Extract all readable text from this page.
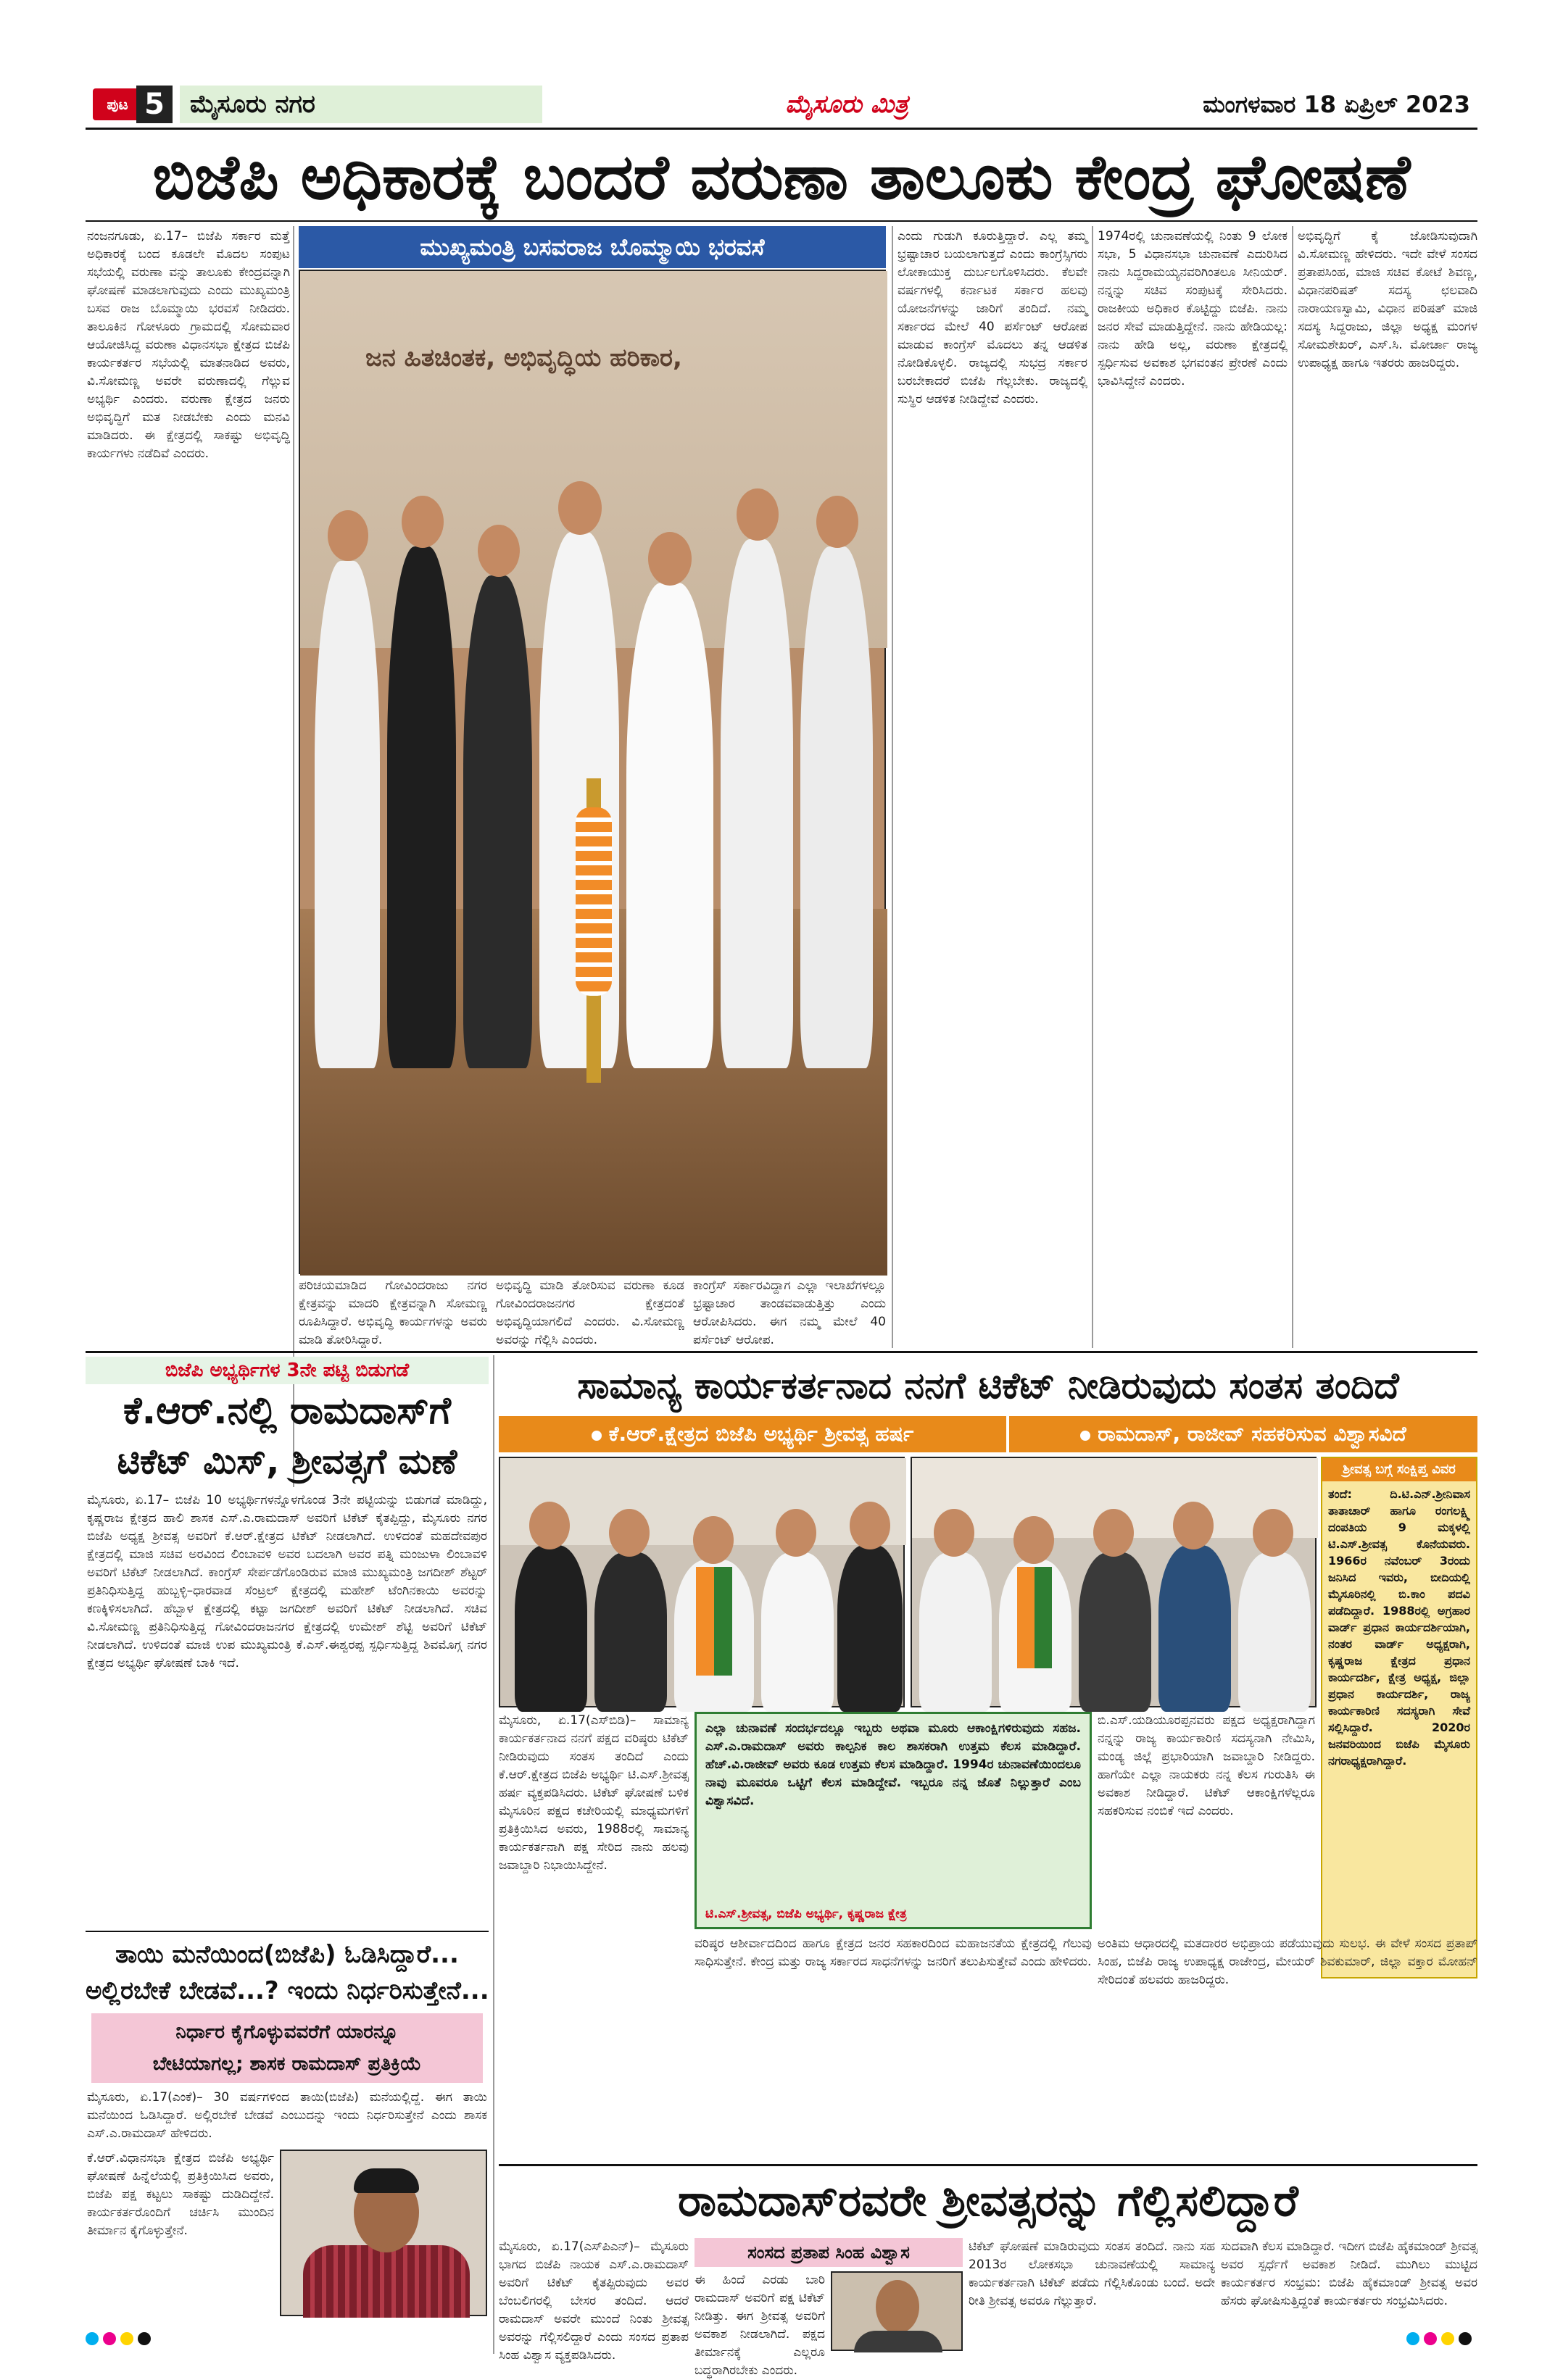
ಪುಟ 5	ಮೈಸೂರು ನಗರ	ಮೈಸೂರು ಮಿತ್ರ	ಮಂಗಳವಾರ 18 ಏಪ್ರಿಲ್ 2023
ಬಿಜೆಪಿ ಅಧಿಕಾರಕ್ಕೆ ಬಂದರೆ ವರುಣಾ ತಾಲೂಕು ಕೇಂದ್ರ ಘೋಷಣೆ
ನಂಜನಗೂಡು, ಏ.17– ಬಿಜೆಪಿ ಸರ್ಕಾರ ಮತ್ತೆ ಅಧಿಕಾರಕ್ಕೆ ಬಂದ ಕೂಡಲೇ ಮೊದಲ ಸಂಪುಟ ಸಭೆಯಲ್ಲಿ ವರುಣಾ ವನ್ನು ತಾಲೂಕು ಕೇಂದ್ರವನ್ನಾಗಿ ಘೋಷಣೆ ಮಾಡಲಾಗುವುದು ಎಂದು ಮುಖ್ಯಮಂತ್ರಿ ಬಸವ ರಾಜ ಬೊಮ್ಮಾಯಿ ಭರವಸೆ ನೀಡಿದರು. ತಾಲೂಕಿನ ಗೋಳೂರು ಗ್ರಾಮದಲ್ಲಿ ಸೋಮವಾರ ಆಯೋಜಿಸಿದ್ದ ವರುಣಾ ವಿಧಾನಸಭಾ ಕ್ಷೇತ್ರದ ಬಿಜೆಪಿ ಕಾರ್ಯಕರ್ತರ ಸಭೆಯಲ್ಲಿ ಮಾತನಾಡಿದ ಅವರು, ವಿ.ಸೋಮಣ್ಣ ಅವರೇ ವರುಣಾದಲ್ಲಿ ಗೆಲ್ಲುವ ಅಭ್ಯರ್ಥಿ ಎಂದರು. ವರುಣಾ ಕ್ಷೇತ್ರದ ಜನರು ಅಭಿವೃದ್ಧಿಗೆ ಮತ ನೀಡಬೇಕು ಎಂದು ಮನವಿ ಮಾಡಿದರು. ಈ ಕ್ಷೇತ್ರದಲ್ಲಿ ಸಾಕಷ್ಟು ಅಭಿವೃದ್ಧಿ ಕಾರ್ಯಗಳು ನಡೆದಿವೆ ಎಂದರು.
ಮುಖ್ಯಮಂತ್ರಿ ಬಸವರಾಜ ಬೊಮ್ಮಾಯಿ ಭರವಸೆ
ಜನ ಹಿತಚಿಂತಕ, ಅಭಿವೃದ್ಧಿಯ ಹರಿಕಾರ,
ಪರಿಚಯಮಾಡಿದ ಗೋವಿಂದರಾಜು ನಗರ ಕ್ಷೇತ್ರವನ್ನು ಮಾದರಿ ಕ್ಷೇತ್ರವನ್ನಾಗಿ ಸೋಮಣ್ಣ ರೂಪಿಸಿದ್ದಾರೆ. ಅಭಿವೃದ್ಧಿ ಕಾರ್ಯಗಳನ್ನು ಅವರು ಮಾಡಿ ತೋರಿಸಿದ್ದಾರೆ.
ಅಭಿವೃದ್ಧಿ ಮಾಡಿ ತೋರಿಸುವ ವರುಣಾ ಕೂಡ ಗೋವಿಂದರಾಜನಗರ ಕ್ಷೇತ್ರದಂತೆ ಅಭಿವೃದ್ಧಿಯಾಗಲಿದೆ ಎಂದರು. ವಿ.ಸೋಮಣ್ಣ ಅವರನ್ನು ಗೆಲ್ಲಿಸಿ ಎಂದರು.
ಕಾಂಗ್ರೆಸ್ ಸರ್ಕಾರವಿದ್ದಾಗ ಎಲ್ಲಾ ಇಲಾಖೆಗಳಲ್ಲೂ ಭ್ರಷ್ಟಾಚಾರ ತಾಂಡವವಾಡುತ್ತಿತ್ತು ಎಂದು ಆರೋಪಿಸಿದರು. ಈಗ ನಮ್ಮ ಮೇಲೆ 40 ಪರ್ಸೆಂಟ್ ಆರೋಪ.
ಎಂದು ಗುಡುಗಿ ಕೂರುತ್ತಿದ್ದಾರೆ. ಎಲ್ಲ ತಮ್ಮ ಭ್ರಷ್ಟಾಚಾರ ಬಯಲಾಗುತ್ತದೆ ಎಂದು ಕಾಂಗ್ರೆಸ್ಸಿಗರು ಲೋಕಾಯುಕ್ತ ದುರ್ಬಲಗೊಳಿಸಿದರು. ಕೆಲವೇ ವರ್ಷಗಳಲ್ಲಿ ಕರ್ನಾಟಕ ಸರ್ಕಾರ ಹಲವು ಯೋಜನೆಗಳನ್ನು ಜಾರಿಗೆ ತಂದಿದೆ. ನಮ್ಮ ಸರ್ಕಾರದ ಮೇಲೆ 40 ಪರ್ಸೆಂಟ್ ಆರೋಪ ಮಾಡುವ ಕಾಂಗ್ರೆಸ್ ಮೊದಲು ತನ್ನ ಆಡಳಿತ ನೋಡಿಕೊಳ್ಳಲಿ. ರಾಜ್ಯದಲ್ಲಿ ಸುಭದ್ರ ಸರ್ಕಾರ ಬರಬೇಕಾದರೆ ಬಿಜೆಪಿ ಗೆಲ್ಲಬೇಕು. ರಾಜ್ಯದಲ್ಲಿ ಸುಸ್ಥಿರ ಆಡಳಿತ ನೀಡಿದ್ದೇವೆ ಎಂದರು.
1974ರಲ್ಲಿ ಚುನಾವಣೆಯಲ್ಲಿ ನಿಂತು 9 ಲೋಕ ಸಭಾ, 5 ವಿಧಾನಸಭಾ ಚುನಾವಣೆ ಎದುರಿಸಿದ ನಾನು ಸಿದ್ದರಾಮಯ್ಯನವರಿಗಿಂತಲೂ ಸೀನಿಯರ್. ನನ್ನನ್ನು ಸಚಿವ ಸಂಪುಟಕ್ಕೆ ಸೇರಿಸಿದರು. ರಾಜಕೀಯ ಅಧಿಕಾರ ಕೊಟ್ಟಿದ್ದು ಬಿಜೆಪಿ. ನಾನು ಜನರ ಸೇವೆ ಮಾಡುತ್ತಿದ್ದೇನೆ. ನಾನು ಹೇಡಿಯಲ್ಲ: ನಾನು ಹೇಡಿ ಅಲ್ಲ, ವರುಣಾ ಕ್ಷೇತ್ರದಲ್ಲಿ ಸ್ಪರ್ಧಿಸುವ ಅವಕಾಶ ಭಗವಂತನ ಪ್ರೇರಣೆ ಎಂದು ಭಾವಿಸಿದ್ದೇನೆ ಎಂದರು.
ಅಭಿವೃದ್ಧಿಗೆ ಕೈ ಜೋಡಿಸುವುದಾಗಿ ವಿ.ಸೋಮಣ್ಣ ಹೇಳಿದರು. ಇದೇ ವೇಳೆ ಸಂಸದ ಪ್ರತಾಪಸಿಂಹ, ಮಾಜಿ ಸಚಿವ ಕೋಟೆ ಶಿವಣ್ಣ, ವಿಧಾನಪರಿಷತ್ ಸದಸ್ಯ ಛಲವಾದಿ ನಾರಾಯಣಸ್ವಾಮಿ, ವಿಧಾನ ಪರಿಷತ್ ಮಾಜಿ ಸದಸ್ಯ ಸಿದ್ದರಾಜು, ಜಿಲ್ಲಾ ಅಧ್ಯಕ್ಷ ಮಂಗಳ ಸೋಮಶೇಖರ್, ಎಸ್.ಸಿ. ಮೋರ್ಚಾ ರಾಜ್ಯ ಉಪಾಧ್ಯಕ್ಷ ಹಾಗೂ ಇತರರು ಹಾಜರಿದ್ದರು.
ಬಿಜೆಪಿ ಅಭ್ಯರ್ಥಿಗಳ 3ನೇ ಪಟ್ಟಿ ಬಿಡುಗಡೆ
ಕೆ.ಆರ್.ನಲ್ಲಿ ರಾಮದಾಸ್‌ಗೆ
ಟಿಕೆಟ್ ಮಿಸ್, ಶ್ರೀವತ್ಸಗೆ ಮಣೆ
ಮೈಸೂರು, ಏ.17– ಬಿಜೆಪಿ 10 ಅಭ್ಯರ್ಥಿಗಳನ್ನೊಳಗೊಂಡ 3ನೇ ಪಟ್ಟಿಯನ್ನು ಬಿಡುಗಡೆ ಮಾಡಿದ್ದು, ಕೃಷ್ಣರಾಜ ಕ್ಷೇತ್ರದ ಹಾಲಿ ಶಾಸಕ ಎಸ್.ಎ.ರಾಮದಾಸ್ ಅವರಿಗೆ ಟಿಕೆಟ್ ಕೈತಪ್ಪಿದ್ದು, ಮೈಸೂರು ನಗರ ಬಿಜೆಪಿ ಅಧ್ಯಕ್ಷ ಶ್ರೀವತ್ಸ ಅವರಿಗೆ ಕೆ.ಆರ್.ಕ್ಷೇತ್ರದ ಟಿಕೆಟ್ ನೀಡಲಾಗಿದೆ. ಉಳಿದಂತೆ ಮಹದೇವಪುರ ಕ್ಷೇತ್ರದಲ್ಲಿ ಮಾಜಿ ಸಚಿವ ಅರವಿಂದ ಲಿಂಬಾವಳಿ ಅವರ ಬದಲಾಗಿ ಅವರ ಪತ್ನಿ ಮಂಜುಳಾ ಲಿಂಬಾವಳಿ ಅವರಿಗೆ ಟಿಕೆಟ್ ನೀಡಲಾಗಿದೆ. ಕಾಂಗ್ರೆಸ್ ಸೇರ್ಪಡೆಗೊಂಡಿರುವ ಮಾಜಿ ಮುಖ್ಯಮಂತ್ರಿ ಜಗದೀಶ್ ಶೆಟ್ಟರ್ ಪ್ರತಿನಿಧಿಸುತ್ತಿದ್ದ ಹುಬ್ಬಳ್ಳಿ–ಧಾರವಾಡ ಸೆಂಟ್ರಲ್ ಕ್ಷೇತ್ರದಲ್ಲಿ ಮಹೇಶ್ ಟೆಂಗಿನಕಾಯಿ ಅವರನ್ನು ಕಣಕ್ಕಿಳಿಸಲಾಗಿದೆ. ಹೆಬ್ಬಾಳ ಕ್ಷೇತ್ರದಲ್ಲಿ ಕಟ್ಟಾ ಜಗದೀಶ್ ಅವರಿಗೆ ಟಿಕೆಟ್ ನೀಡಲಾಗಿದೆ. ಸಚಿವ ವಿ.ಸೋಮಣ್ಣ ಪ್ರತಿನಿಧಿಸುತ್ತಿದ್ದ ಗೋವಿಂದರಾಜನಗರ ಕ್ಷೇತ್ರದಲ್ಲಿ ಉಮೇಶ್ ಶೆಟ್ಟಿ ಅವರಿಗೆ ಟಿಕೆಟ್ ನೀಡಲಾಗಿದೆ. ಉಳಿದಂತೆ ಮಾಜಿ ಉಪ ಮುಖ್ಯಮಂತ್ರಿ ಕೆ.ಎಸ್.ಈಶ್ವರಪ್ಪ ಸ್ಪರ್ಧಿಸುತ್ತಿದ್ದ ಶಿವಮೊಗ್ಗ ನಗರ ಕ್ಷೇತ್ರದ ಅಭ್ಯರ್ಥಿ ಘೋಷಣೆ ಬಾಕಿ ಇದೆ.
ತಾಯಿ ಮನೆಯಿಂದ(ಬಿಜೆಪಿ) ಓಡಿಸಿದ್ದಾರೆ...
ಅಲ್ಲಿರಬೇಕೆ ಬೇಡವೆ...? ಇಂದು ನಿರ್ಧರಿಸುತ್ತೇನೆ...
ನಿರ್ಧಾರ ಕೈಗೊಳ್ಳುವವರೆಗೆ ಯಾರನ್ನೂ
ಬೇಟಿಯಾಗಲ್ಲ; ಶಾಸಕ ರಾಮದಾಸ್ ಪ್ರತಿಕ್ರಿಯೆ
ಮೈಸೂರು, ಏ.17(ಎಂಕೆ)– 30 ವರ್ಷಗಳಿಂದ ತಾಯಿ(ಬಿಜೆಪಿ) ಮನೆಯಲ್ಲಿದ್ದೆ. ಈಗ ತಾಯಿ ಮನೆಯಿಂದ ಓಡಿಸಿದ್ದಾರೆ. ಅಲ್ಲಿರಬೇಕೆ ಬೇಡವೆ ಎಂಬುದನ್ನು ಇಂದು ನಿರ್ಧರಿಸುತ್ತೇನೆ ಎಂದು ಶಾಸಕ ಎಸ್.ಎ.ರಾಮದಾಸ್ ಹೇಳಿದರು.
ಕೆ.ಆರ್.ವಿಧಾನಸಭಾ ಕ್ಷೇತ್ರದ ಬಿಜೆಪಿ ಅಭ್ಯರ್ಥಿ ಘೋಷಣೆ ಹಿನ್ನೆಲೆಯಲ್ಲಿ ಪ್ರತಿಕ್ರಿಯಿಸಿದ ಅವರು, ಬಿಜೆಪಿ ಪಕ್ಷ ಕಟ್ಟಲು ಸಾಕಷ್ಟು ದುಡಿದಿದ್ದೇನೆ. ಕಾರ್ಯಕರ್ತರೊಂದಿಗೆ ಚರ್ಚಿಸಿ ಮುಂದಿನ ತೀರ್ಮಾನ ಕೈಗೊಳ್ಳುತ್ತೇನೆ.
ಸಾಮಾನ್ಯ ಕಾರ್ಯಕರ್ತನಾದ ನನಗೆ ಟಿಕೆಟ್ ನೀಡಿರುವುದು ಸಂತಸ ತಂದಿದೆ
ಕೆ.ಆರ್.ಕ್ಷೇತ್ರದ ಬಿಜೆಪಿ ಅಭ್ಯರ್ಥಿ ಶ್ರೀವತ್ಸ ಹರ್ಷ	ರಾಮದಾಸ್, ರಾಜೀವ್ ಸಹಕರಿಸುವ ವಿಶ್ವಾಸವಿದೆ
ಶ್ರೀವತ್ಸ ಬಗ್ಗೆ ಸಂಕ್ಷಿಪ್ತ ವಿವರ
ತಂದೆ: ದಿ.ಟಿ.ಎನ್.ಶ್ರೀನಿವಾಸ ತಾತಾಚಾರ್ ಹಾಗೂ ರಂಗಲಕ್ಷ್ಮಿ ದಂಪತಿಯ 9 ಮಕ್ಕಳಲ್ಲಿ ಟಿ.ಎಸ್.ಶ್ರೀವತ್ಸ ಕೊನೆಯವರು. 1966ರ ನವೆಂಬರ್ 3ರಂದು ಜನಿಸಿದ ಇವರು, ಬೀದಿಯಲ್ಲಿ ಮೈಸೂರಿನಲ್ಲಿ ಬಿ.ಕಾಂ ಪದವಿ ಪಡೆದಿದ್ದಾರೆ. 1988ರಲ್ಲಿ ಅಗ್ರಹಾರ ವಾರ್ಡ್ ಪ್ರಧಾನ ಕಾರ್ಯದರ್ಶಿಯಾಗಿ, ನಂತರ ವಾರ್ಡ್ ಅಧ್ಯಕ್ಷರಾಗಿ, ಕೃಷ್ಣರಾಜ ಕ್ಷೇತ್ರದ ಪ್ರಧಾನ ಕಾರ್ಯದರ್ಶಿ, ಕ್ಷೇತ್ರ ಅಧ್ಯಕ್ಷ, ಜಿಲ್ಲಾ ಪ್ರಧಾನ ಕಾರ್ಯದರ್ಶಿ, ರಾಜ್ಯ ಕಾರ್ಯಕಾರಿಣಿ ಸದಸ್ಯರಾಗಿ ಸೇವೆ ಸಲ್ಲಿಸಿದ್ದಾರೆ. 2020ರ ಜನವರಿಯಿಂದ ಬಿಜೆಪಿ ಮೈಸೂರು ನಗರಾಧ್ಯಕ್ಷರಾಗಿದ್ದಾರೆ.
ಮೈಸೂರು, ಏ.17(ಎಸ್‌ಬಿಡಿ)– ಸಾಮಾನ್ಯ ಕಾರ್ಯಕರ್ತನಾದ ನನಗೆ ಪಕ್ಷದ ವರಿಷ್ಠರು ಟಿಕೆಟ್ ನೀಡಿರುವುದು ಸಂತಸ ತಂದಿದೆ ಎಂದು ಕೆ.ಆರ್.ಕ್ಷೇತ್ರದ ಬಿಜೆಪಿ ಅಭ್ಯರ್ಥಿ ಟಿ.ಎಸ್.ಶ್ರೀವತ್ಸ ಹರ್ಷ ವ್ಯಕ್ತಪಡಿಸಿದರು. ಟಿಕೆಟ್ ಘೋಷಣೆ ಬಳಿಕ ಮೈಸೂರಿನ ಪಕ್ಷದ ಕಚೇರಿಯಲ್ಲಿ ಮಾಧ್ಯಮಗಳಿಗೆ ಪ್ರತಿಕ್ರಿಯಿಸಿದ ಅವರು, 1988ರಲ್ಲಿ ಸಾಮಾನ್ಯ ಕಾರ್ಯಕರ್ತನಾಗಿ ಪಕ್ಷ ಸೇರಿದ ನಾನು ಹಲವು ಜವಾಬ್ದಾರಿ ನಿಭಾಯಿಸಿದ್ದೇನೆ.
ಎಲ್ಲಾ ಚುನಾವಣೆ ಸಂದರ್ಭದಲ್ಲೂ ಇಬ್ಬರು ಅಥವಾ ಮೂರು ಆಕಾಂಕ್ಷಿಗಳಿರುವುದು ಸಹಜ. ಎಸ್.ಎ.ರಾಮದಾಸ್ ಅವರು ಕಾಲ್ಪನಿಕ ಕಾಲ ಶಾಸಕರಾಗಿ ಉತ್ತಮ ಕೆಲಸ ಮಾಡಿದ್ದಾರೆ. ಹೆಚ್.ವಿ.ರಾಜೀವ್ ಅವರು ಕೂಡ ಉತ್ತಮ ಕೆಲಸ ಮಾಡಿದ್ದಾರೆ. 1994ರ ಚುನಾವಣೆಯಿಂದಲೂ ನಾವು ಮೂವರೂ ಒಟ್ಟಿಗೆ ಕೆಲಸ ಮಾಡಿದ್ದೇವೆ. ಇಬ್ಬರೂ ನನ್ನ ಜೊತೆ ನಿಲ್ಲುತ್ತಾರೆ ಎಂಬ ವಿಶ್ವಾಸವಿದೆ.
ಟಿ.ಎಸ್.ಶ್ರೀವತ್ಸ, ಬಿಜೆಪಿ ಅಭ್ಯರ್ಥಿ, ಕೃಷ್ಣರಾಜ ಕ್ಷೇತ್ರ
ಬಿ.ಎಸ್.ಯಡಿಯೂರಪ್ಪನವರು ಪಕ್ಷದ ಅಧ್ಯಕ್ಷರಾಗಿದ್ದಾಗ ನನ್ನನ್ನು ರಾಜ್ಯ ಕಾರ್ಯಕಾರಿಣಿ ಸದಸ್ಯನಾಗಿ ನೇಮಿಸಿ, ಮಂಡ್ಯ ಜಿಲ್ಲೆ ಪ್ರಭಾರಿಯಾಗಿ ಜವಾಬ್ದಾರಿ ನೀಡಿದ್ದರು. ಹಾಗೆಯೇ ಎಲ್ಲಾ ನಾಯಕರು ನನ್ನ ಕೆಲಸ ಗುರುತಿಸಿ ಈ ಅವಕಾಶ ನೀಡಿದ್ದಾರೆ. ಟಿಕೆಟ್ ಆಕಾಂಕ್ಷಿಗಳೆಲ್ಲರೂ ಸಹಕರಿಸುವ ನಂಬಿಕೆ ಇದೆ ಎಂದರು.
ವರಿಷ್ಠರ ಆಶೀರ್ವಾದದಿಂದ ಹಾಗೂ ಕ್ಷೇತ್ರದ ಜನರ ಸಹಕಾರದಿಂದ ಮಹಾಜನತೆಯ ಕ್ಷೇತ್ರದಲ್ಲಿ ಗೆಲುವು ಸಾಧಿಸುತ್ತೇನೆ. ಕೇಂದ್ರ ಮತ್ತು ರಾಜ್ಯ ಸರ್ಕಾರದ ಸಾಧನೆಗಳನ್ನು ಜನರಿಗೆ ತಲುಪಿಸುತ್ತೇವೆ ಎಂದು ಹೇಳಿದರು.
ಅಂತಿಮ ಆಧಾರದಲ್ಲಿ ಮತದಾರರ ಅಭಿಪ್ರಾಯ ಪಡೆಯುವುದು ಸುಲಭ. ಈ ವೇಳೆ ಸಂಸದ ಪ್ರತಾಪ್ ಸಿಂಹ, ಬಿಜೆಪಿ ರಾಜ್ಯ ಉಪಾಧ್ಯಕ್ಷ ರಾಜೇಂದ್ರ, ಮೇಯರ್ ಶಿವಕುಮಾರ್, ಜಿಲ್ಲಾ ವಕ್ತಾರ ಮೋಹನ್ ಸೇರಿದಂತೆ ಹಲವರು ಹಾಜರಿದ್ದರು.
ರಾಮದಾಸ್‌ರವರೇ ಶ್ರೀವತ್ಸರನ್ನು ಗೆಲ್ಲಿಸಲಿದ್ದಾರೆ
ಸಂಸದ ಪ್ರತಾಪ ಸಿಂಹ ವಿಶ್ವಾಸ
ಮೈಸೂರು, ಏ.17(ಎಸ್‌ಪಿಎನ್)– ಮೈಸೂರು ಭಾಗದ ಬಿಜೆಪಿ ನಾಯಕ ಎಸ್.ಎ.ರಾಮದಾಸ್ ಅವರಿಗೆ ಟಿಕೆಟ್ ಕೈತಪ್ಪಿರುವುದು ಅವರ ಬೆಂಬಲಿಗರಲ್ಲಿ ಬೇಸರ ತಂದಿದೆ. ಆದರೆ ರಾಮದಾಸ್ ಅವರೇ ಮುಂದೆ ನಿಂತು ಶ್ರೀವತ್ಸ ಅವರನ್ನು ಗೆಲ್ಲಿಸಲಿದ್ದಾರೆ ಎಂದು ಸಂಸದ ಪ್ರತಾಪ ಸಿಂಹ ವಿಶ್ವಾಸ ವ್ಯಕ್ತಪಡಿಸಿದರು.
ಈ ಹಿಂದೆ ಎರಡು ಬಾರಿ ರಾಮದಾಸ್ ಅವರಿಗೆ ಪಕ್ಷ ಟಿಕೆಟ್ ನೀಡಿತ್ತು. ಈಗ ಶ್ರೀವತ್ಸ ಅವರಿಗೆ ಅವಕಾಶ ನೀಡಲಾಗಿದೆ. ಪಕ್ಷದ ತೀರ್ಮಾನಕ್ಕೆ ಎಲ್ಲರೂ ಬದ್ಧರಾಗಿರಬೇಕು ಎಂದರು.
ಟಿಕೆಟ್ ಘೋಷಣೆ ಮಾಡಿರುವುದು ಸಂತಸ ತಂದಿದೆ. ನಾನು ಸಹ 2013ರ ಲೋಕಸಭಾ ಚುನಾವಣೆಯಲ್ಲಿ ಸಾಮಾನ್ಯ ಕಾರ್ಯಕರ್ತನಾಗಿ ಟಿಕೆಟ್ ಪಡೆದು ಗೆಲ್ಲಿಸಿಕೊಂಡು ಬಂದೆ. ಅದೇ ರೀತಿ ಶ್ರೀವತ್ಸ ಅವರೂ ಗೆಲ್ಲುತ್ತಾರೆ.
ಸುದವಾಗಿ ಕೆಲಸ ಮಾಡಿದ್ದಾರೆ. ಇದೀಗ ಬಿಜೆಪಿ ಹೈಕಮಾಂಡ್ ಶ್ರೀವತ್ಸ ಅವರ ಸ್ಪರ್ಧೆಗೆ ಅವಕಾಶ ನೀಡಿದೆ. ಮುಗಿಲು ಮುಟ್ಟಿದ ಕಾರ್ಯಕರ್ತರ ಸಂಭ್ರಮ: ಬಿಜೆಪಿ ಹೈಕಮಾಂಡ್ ಶ್ರೀವತ್ಸ ಅವರ ಹೆಸರು ಘೋಷಿಸುತ್ತಿದ್ದಂತೆ ಕಾರ್ಯಕರ್ತರು ಸಂಭ್ರಮಿಸಿದರು.
